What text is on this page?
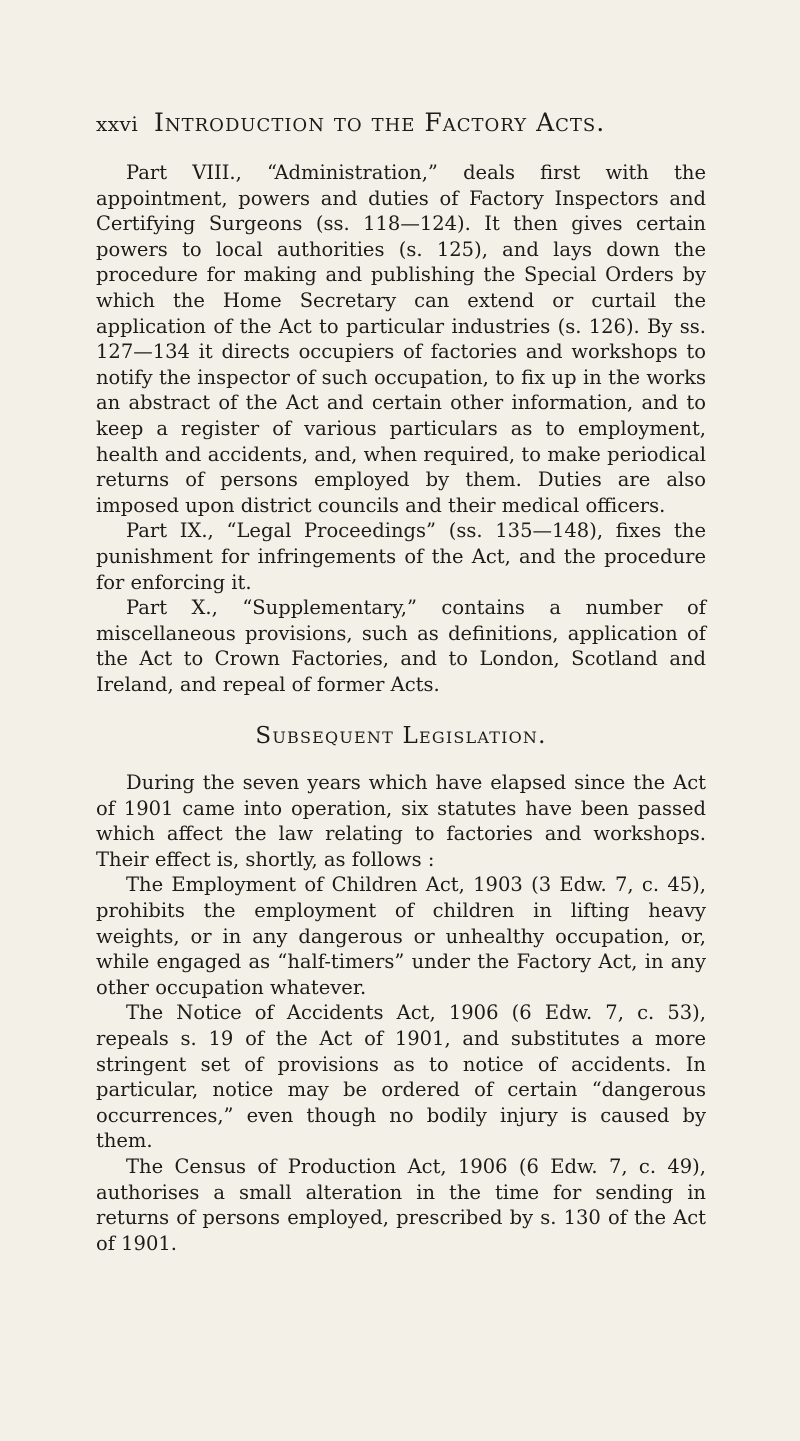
xxvi Introduction to the Factory Acts.

Part VIII., “Administration,” deals first with the appointment, powers and duties of Factory Inspectors and Certifying Surgeons (ss. 118—124). It then gives certain powers to local authorities (s. 125), and lays down the procedure for making and publishing the Special Orders by which the Home Secretary can extend or curtail the application of the Act to particular industries (s. 126). By ss. 127—134 it directs occupiers of factories and workshops to notify the inspector of such occupation, to fix up in the works an abstract of the Act and certain other information, and to keep a register of various particulars as to employment, health and accidents, and, when required, to make periodical returns of persons employed by them. Duties are also imposed upon district councils and their medical officers.

Part IX., “Legal Proceedings” (ss. 135—148), fixes the punishment for infringements of the Act, and the procedure for enforcing it.

Part X., “Supplementary,” contains a number of miscellaneous provisions, such as definitions, application of the Act to Crown Factories, and to London, Scotland and Ireland, and repeal of former Acts.

Subsequent Legislation.

During the seven years which have elapsed since the Act of 1901 came into operation, six statutes have been passed which affect the law relating to factories and workshops. Their effect is, shortly, as follows :

The Employment of Children Act, 1903 (3 Edw. 7, c. 45), prohibits the employment of children in lifting heavy weights, or in any dangerous or unhealthy occupation, or, while engaged as “half-timers” under the Factory Act, in any other occupation whatever.

The Notice of Accidents Act, 1906 (6 Edw. 7, c. 53), repeals s. 19 of the Act of 1901, and substitutes a more stringent set of provisions as to notice of accidents. In particular, notice may be ordered of certain “dangerous occurrences,” even though no bodily injury is caused by them.

The Census of Production Act, 1906 (6 Edw. 7, c. 49), authorises a small alteration in the time for sending in returns of persons employed, prescribed by s. 130 of the Act of 1901.
